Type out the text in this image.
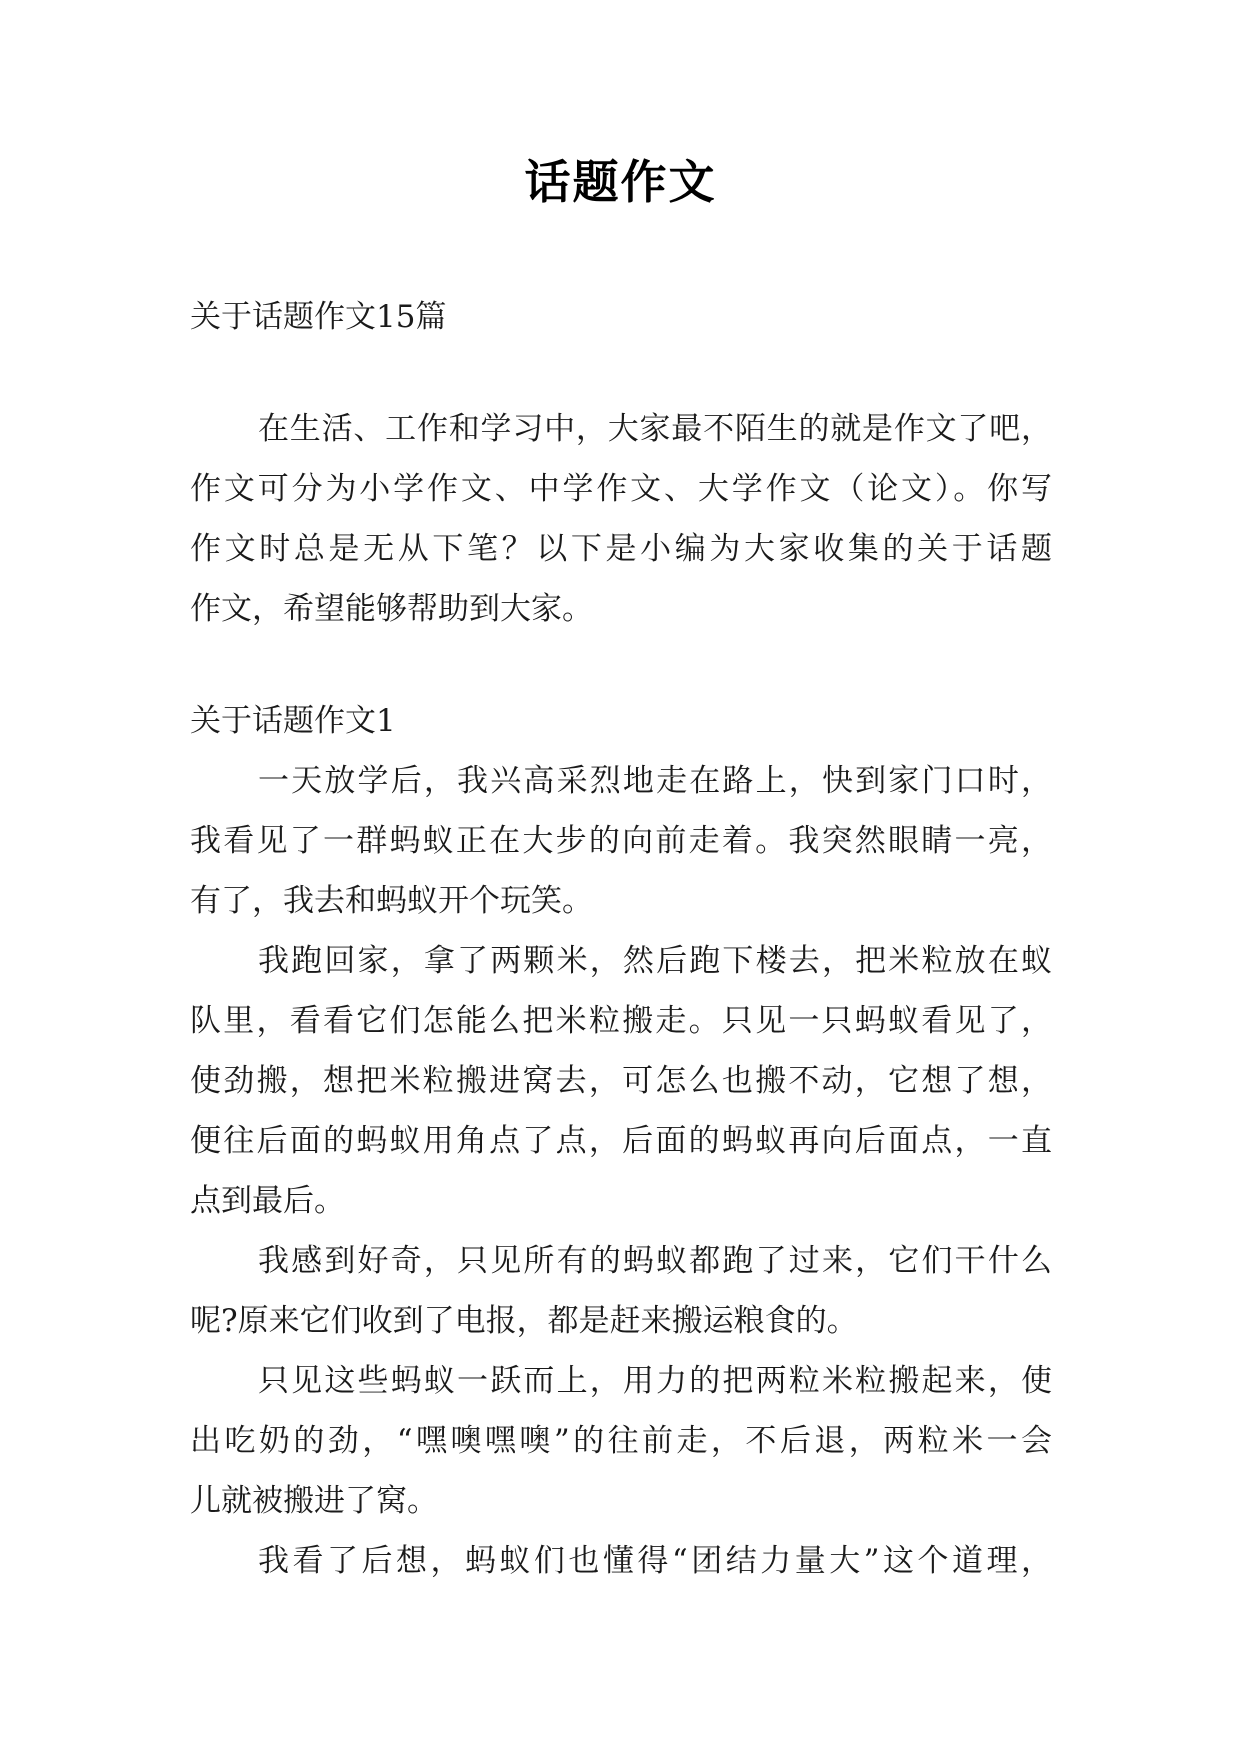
话题作文
关于话题作文15篇
在生活、工作和学习中，大家最不陌生的就是作文了吧，
作文可分为小学作文、中学作文、大学作文（论文）。你写
作文时总是无从下笔？以下是小编为大家收集的关于话题
作文，希望能够帮助到大家。
关于话题作文1
一天放学后，我兴高采烈地走在路上，快到家门口时，
我看见了一群蚂蚁正在大步的向前走着。我突然眼睛一亮，
有了，我去和蚂蚁开个玩笑。
我跑回家，拿了两颗米，然后跑下楼去，把米粒放在蚁
队里，看看它们怎能么把米粒搬走。只见一只蚂蚁看见了，
使劲搬，想把米粒搬进窝去，可怎么也搬不动，它想了想，
便往后面的蚂蚁用角点了点，后面的蚂蚁再向后面点，一直
点到最后。
我感到好奇，只见所有的蚂蚁都跑了过来，它们干什么
呢?原来它们收到了电报，都是赶来搬运粮食的。
只见这些蚂蚁一跃而上，用力的把两粒米粒搬起来，使
出吃奶的劲，“嘿噢嘿噢”的往前走，不后退，两粒米一会
儿就被搬进了窝。
我看了后想，蚂蚁们也懂得“团结力量大”这个道理，
